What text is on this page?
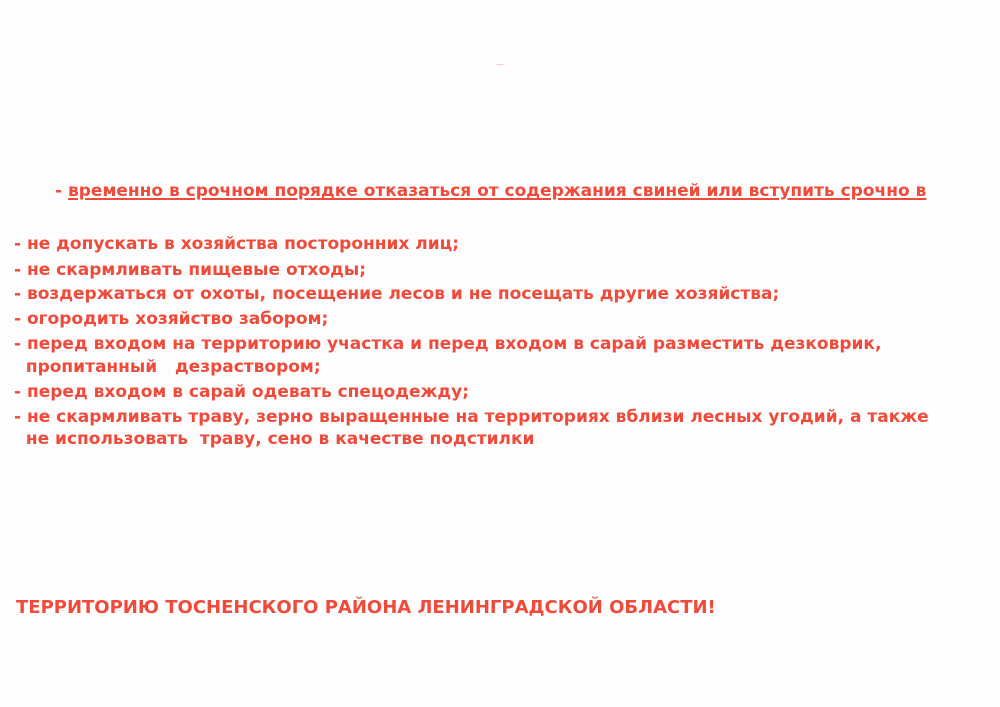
ВНИМАНИЕ!
- временно в срочном порядке отказаться от содержания свиней или вступить срочно в
- не допускать в хозяйства посторонних лиц;
- не скармливать пищевые отходы;
- воздержаться от охоты, посещение лесов и не посещать другие хозяйства;
- огородить хозяйство забором;
- перед входом на территорию участка и перед входом в сарай разместить дезковрик,
пропитанный   дезраствором;
- перед входом в сарай одевать спецодежду;
- не скармливать траву, зерно выращенные на территориях вблизи лесных угодий, а также
не использовать  траву, сено в качестве подстилки
ТЕРРИТОРИЮ ТОСНЕНСКОГО РАЙОНА ЛЕНИНГРАДСКОЙ ОБЛАСТИ!
